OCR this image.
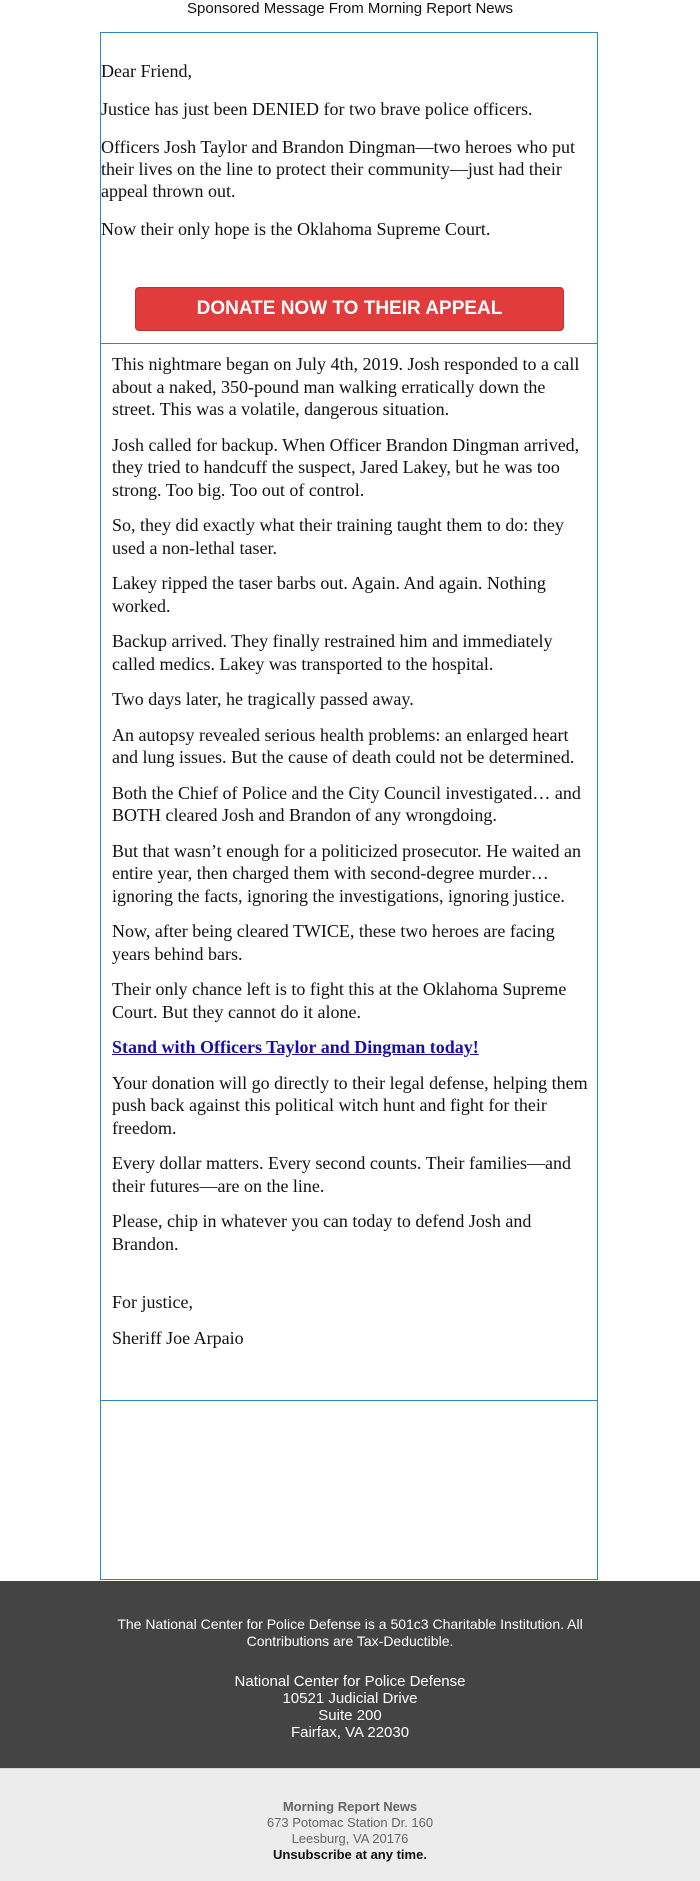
Sponsored Message From Morning Report News

Dear Friend,

Justice has just been DENIED for two brave police officers.

Officers Josh Taylor and Brandon Dingman—two heroes who put their lives on the line to protect their community—just had their appeal thrown out.

Now their only hope is the Oklahoma Supreme Court.

DONATE NOW TO THEIR APPEAL

This nightmare began on July 4th, 2019. Josh responded to a call about a naked, 350-pound man walking erratically down the street. This was a volatile, dangerous situation.

Josh called for backup. When Officer Brandon Dingman arrived, they tried to handcuff the suspect, Jared Lakey, but he was too strong. Too big. Too out of control.

So, they did exactly what their training taught them to do: they used a non-lethal taser.

Lakey ripped the taser barbs out. Again. And again. Nothing worked.

Backup arrived. They finally restrained him and immediately called medics. Lakey was transported to the hospital.

Two days later, he tragically passed away.

An autopsy revealed serious health problems: an enlarged heart and lung issues. But the cause of death could not be determined.

Both the Chief of Police and the City Council investigated… and BOTH cleared Josh and Brandon of any wrongdoing.

But that wasn’t enough for a politicized prosecutor. He waited an entire year, then charged them with second-degree murder… ignoring the facts, ignoring the investigations, ignoring justice.

Now, after being cleared TWICE, these two heroes are facing years behind bars.

Their only chance left is to fight this at the Oklahoma Supreme Court. But they cannot do it alone.

Stand with Officers Taylor and Dingman today!

Your donation will go directly to their legal defense, helping them push back against this political witch hunt and fight for their freedom.

Every dollar matters. Every second counts. Their families—and their futures—are on the line.

Please, chip in whatever you can today to defend Josh and Brandon.

For justice,

Sheriff Joe Arpaio

The National Center for Police Defense is a 501c3 Charitable Institution. All Contributions are Tax-Deductible.
National Center for Police Defense
10521 Judicial Drive
Suite 200
Fairfax, VA 22030
Morning Report News
673 Potomac Station Dr. 160
Leesburg, VA 20176
Unsubscribe at any time.
